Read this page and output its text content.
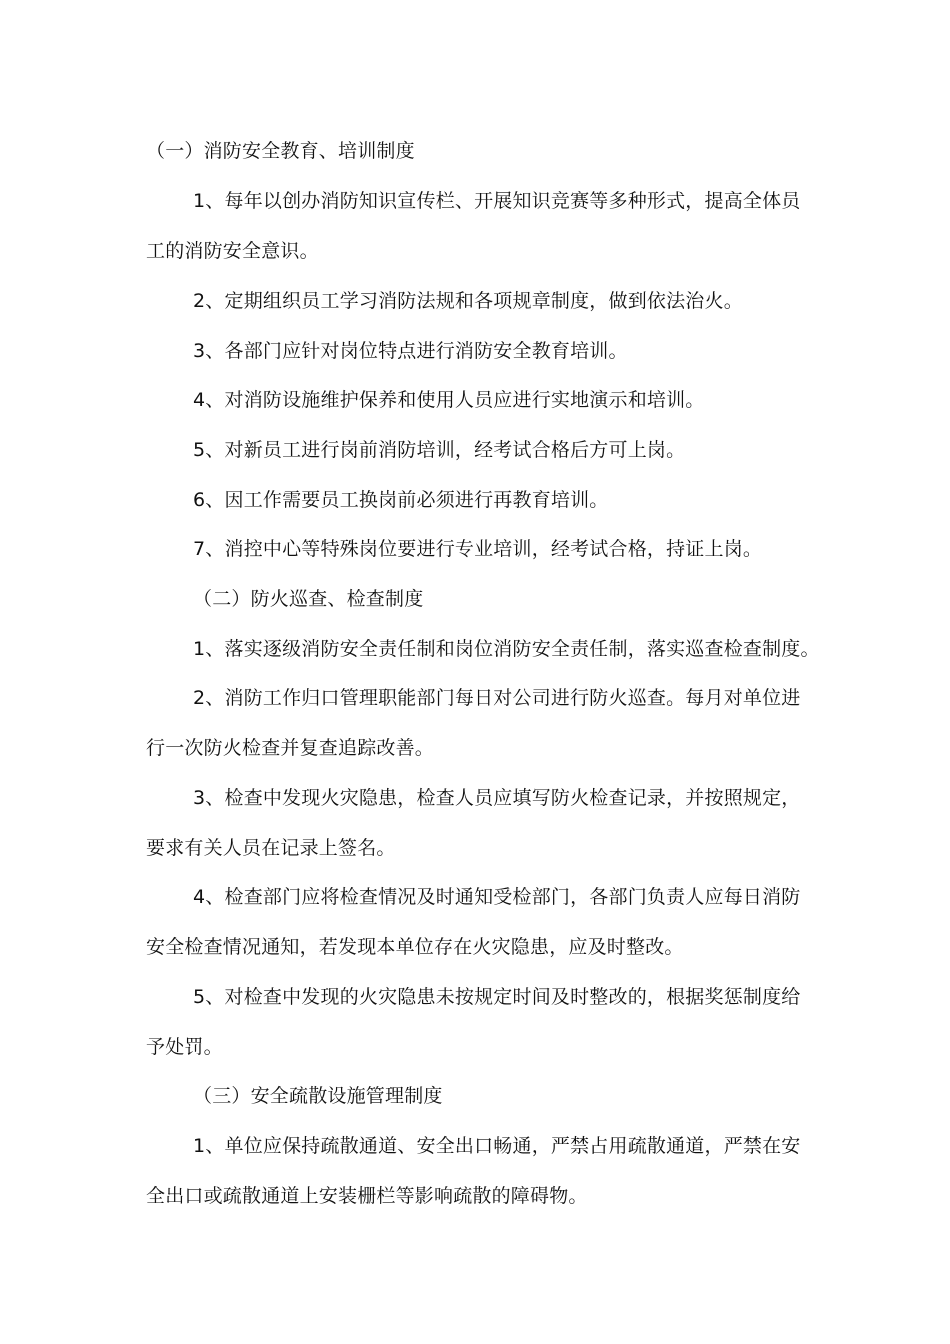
（一）消防安全教育、培训制度
1、每年以创办消防知识宣传栏、开展知识竞赛等多种形式，提高全体员
工的消防安全意识。
2、定期组织员工学习消防法规和各项规章制度，做到依法治火。
3、各部门应针对岗位特点进行消防安全教育培训。
4、对消防设施维护保养和使用人员应进行实地演示和培训。
5、对新员工进行岗前消防培训，经考试合格后方可上岗。
6、因工作需要员工换岗前必须进行再教育培训。
7、消控中心等特殊岗位要进行专业培训，经考试合格，持证上岗。
（二）防火巡查、检查制度
1、落实逐级消防安全责任制和岗位消防安全责任制，落实巡查检查制度。
2、消防工作归口管理职能部门每日对公司进行防火巡查。每月对单位进
行一次防火检查并复查追踪改善。
3、检查中发现火灾隐患，检查人员应填写防火检查记录，并按照规定，
要求有关人员在记录上签名。
4、检查部门应将检查情况及时通知受检部门，各部门负责人应每日消防
安全检查情况通知，若发现本单位存在火灾隐患，应及时整改。
5、对检查中发现的火灾隐患未按规定时间及时整改的，根据奖惩制度给
予处罚。
（三）安全疏散设施管理制度
1、单位应保持疏散通道、安全出口畅通，严禁占用疏散通道，严禁在安
全出口或疏散通道上安装栅栏等影响疏散的障碍物。
